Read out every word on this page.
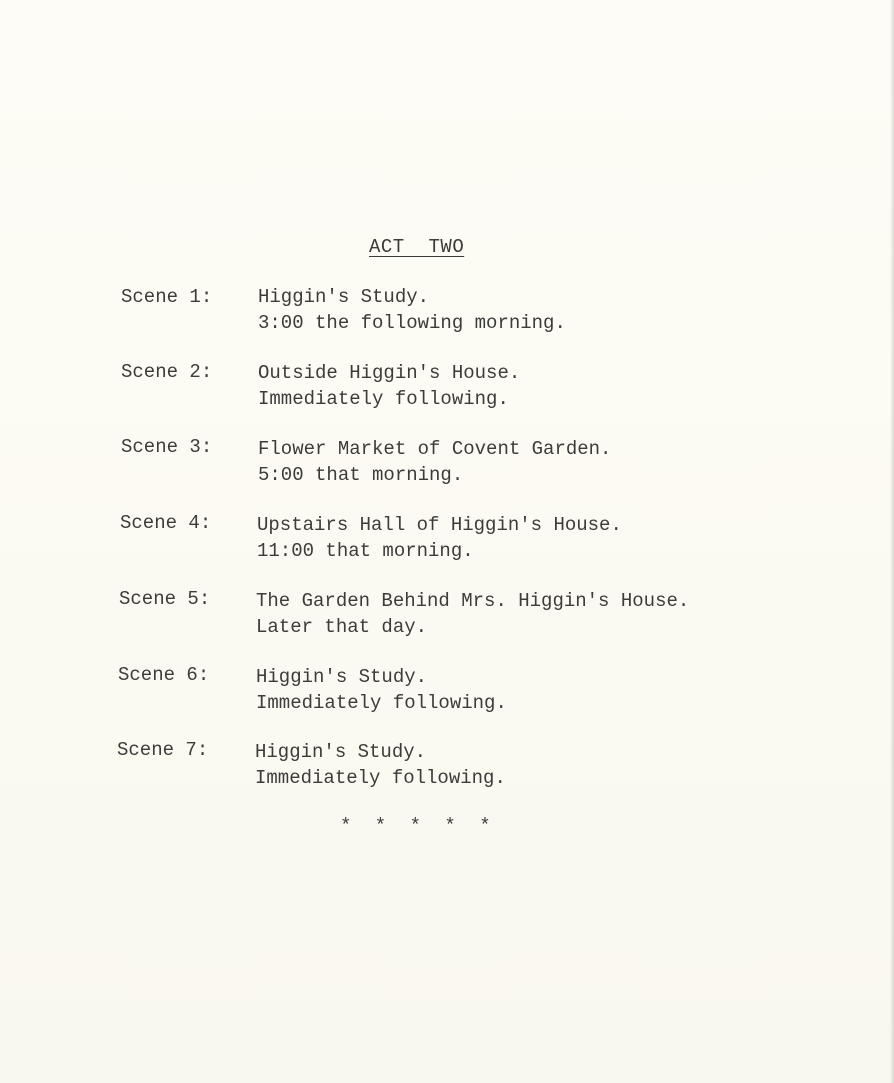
ACT  TWO
Scene 1: Higgin's Study.
3:00 the following morning.
Scene 2: Outside Higgin's House.
Immediately following.
Scene 3: Flower Market of Covent Garden.
5:00 that morning.
Scene 4: Upstairs Hall of Higgin's House.
11:00 that morning.
Scene 5: The Garden Behind Mrs. Higgin's House.
Later that day.
Scene 6: Higgin's Study.
Immediately following.
Scene 7: Higgin's Study.
Immediately following.
* * * * *
